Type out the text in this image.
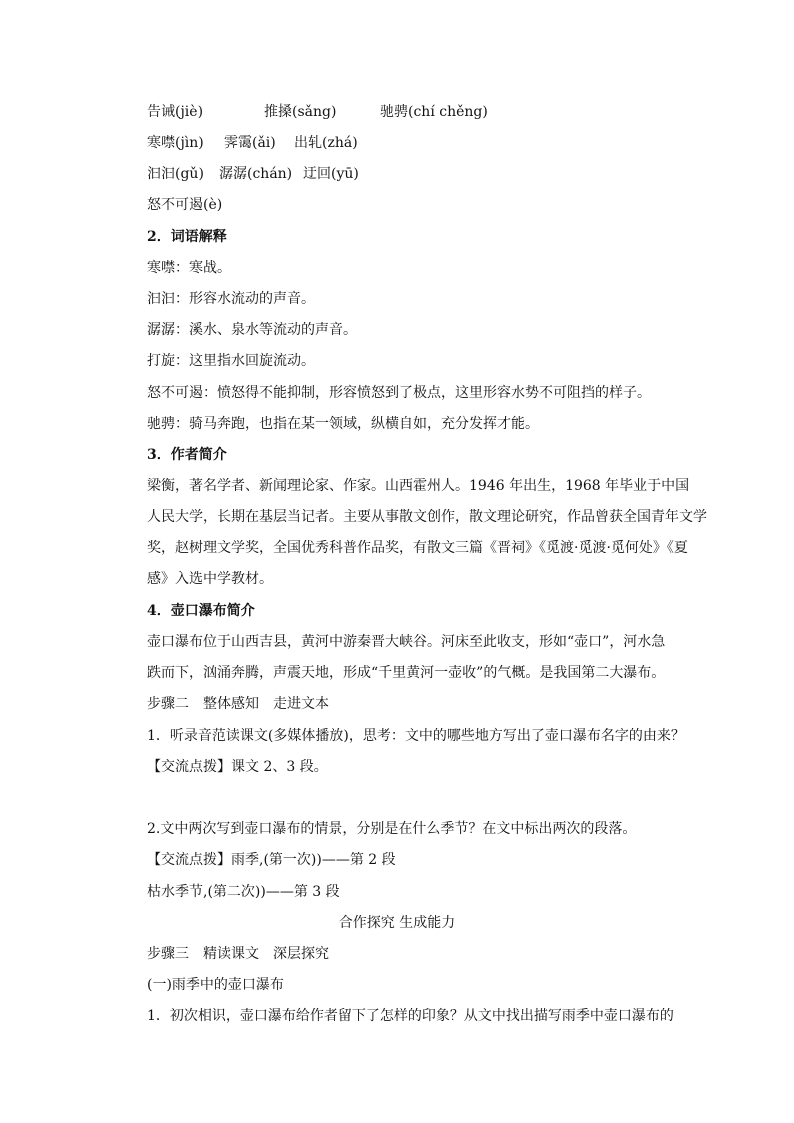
告诫(jiè)	推搡(sǎng)	驰骋(chí chěng)
寒噤(jìn) 霁霭(ǎi) 出轧(zhá)
汩汩(gǔ) 潺潺(chán) 迂回(yū)
怒不可遏(è)
2．词语解释
寒噤：寒战。
汩汩：形容水流动的声音。
潺潺：溪水、泉水等流动的声音。
打旋：这里指水回旋流动。
怒不可遏：愤怒得不能抑制，形容愤怒到了极点，这里形容水势不可阻挡的样子。
驰骋：骑马奔跑，也指在某一领域，纵横自如，充分发挥才能。
3．作者简介
梁衡，著名学者、新闻理论家、作家。山西霍州人。1946 年出生，1968 年毕业于中国
人民大学，长期在基层当记者。主要从事散文创作，散文理论研究，作品曾获全国青年文学
奖，赵树理文学奖，全国优秀科普作品奖，有散文三篇《晋祠》《觅渡·觅渡·觅何处》《夏
感》入选中学教材。
4．壶口瀑布简介
壶口瀑布位于山西吉县，黄河中游秦晋大峡谷。河床至此收支，形如“壶口”，河水急
跌而下，汹涌奔腾，声震天地，形成“千里黄河一壶收”的气概。是我国第二大瀑布。
步骤二　整体感知　走进文本
1．听录音范读课文(多媒体播放)，思考：文中的哪些地方写出了壶口瀑布名字的由来？
【交流点拨】课文 2、3 段。
2.文中两次写到壶口瀑布的情景，分别是在什么季节？在文中标出两次的段落。
【交流点拨】雨季,(第一次))——第 2 段
枯水季节,(第二次))——第 3 段
合作探究 生成能力
步骤三　精读课文　深层探究
(一)雨季中的壶口瀑布
1．初次相识，壶口瀑布给作者留下了怎样的印象？从文中找出描写雨季中壶口瀑布的
